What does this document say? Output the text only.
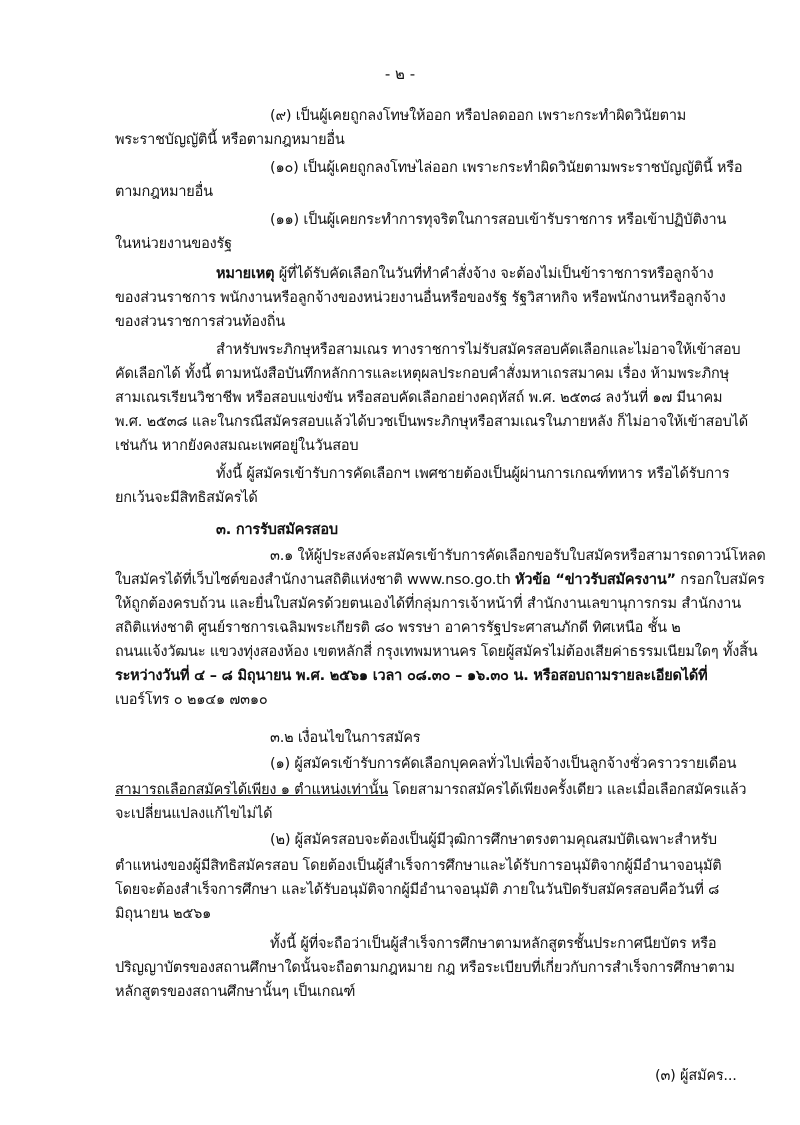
- ๒ -
(๙) เป็นผู้เคยถูกลงโทษให้ออก หรือปลดออก เพราะกระทำผิดวินัยตาม
พระราชบัญญัตินี้ หรือตามกฎหมายอื่น
(๑๐) เป็นผู้เคยถูกลงโทษไล่ออก เพราะกระทำผิดวินัยตามพระราชบัญญัตินี้ หรือ
ตามกฎหมายอื่น
(๑๑) เป็นผู้เคยกระทำการทุจริตในการสอบเข้ารับราชการ หรือเข้าปฏิบัติงาน
ในหน่วยงานของรัฐ
หมายเหตุ ผู้ที่ได้รับคัดเลือกในวันที่ทำคำสั่งจ้าง จะต้องไม่เป็นข้าราชการหรือลูกจ้าง
ของส่วนราชการ พนักงานหรือลูกจ้างของหน่วยงานอื่นหรือของรัฐ รัฐวิสาหกิจ หรือพนักงานหรือลูกจ้าง
ของส่วนราชการส่วนท้องถิ่น
สำหรับพระภิกษุหรือสามเณร ทางราชการไม่รับสมัครสอบคัดเลือกและไม่อาจให้เข้าสอบ
คัดเลือกได้ ทั้งนี้ ตามหนังสือบันทึกหลักการและเหตุผลประกอบคำสั่งมหาเถรสมาคม เรื่อง ห้ามพระภิกษุ
สามเณรเรียนวิชาชีพ หรือสอบแข่งขัน หรือสอบคัดเลือกอย่างคฤหัสถ์ พ.ศ. ๒๕๓๘ ลงวันที่ ๑๗ มีนาคม
พ.ศ. ๒๕๓๘ และในกรณีสมัครสอบแล้วได้บวชเป็นพระภิกษุหรือสามเณรในภายหลัง ก็ไม่อาจให้เข้าสอบได้
เช่นกัน หากยังคงสมณะเพศอยู่ในวันสอบ
ทั้งนี้ ผู้สมัครเข้ารับการคัดเลือกฯ เพศชายต้องเป็นผู้ผ่านการเกณฑ์ทหาร หรือได้รับการ
ยกเว้นจะมีสิทธิสมัครได้
๓. การรับสมัครสอบ
๓.๑ ให้ผู้ประสงค์จะสมัครเข้ารับการคัดเลือกขอรับใบสมัครหรือสามารถดาวน์โหลด
ใบสมัครได้ที่เว็บไซต์ของสำนักงานสถิติแห่งชาติ www.nso.go.th หัวข้อ “ข่าวรับสมัครงาน” กรอกใบสมัคร
ให้ถูกต้องครบถ้วน และยื่นใบสมัครด้วยตนเองได้ที่กลุ่มการเจ้าหน้าที่ สำนักงานเลขานุการกรม สำนักงาน
สถิติแห่งชาติ ศูนย์ราชการเฉลิมพระเกียรติ ๘๐ พรรษา อาคารรัฐประศาสนภักดี ทิศเหนือ ชั้น ๒
ถนนแจ้งวัฒนะ แขวงทุ่งสองห้อง เขตหลักสี่ กรุงเทพมหานคร โดยผู้สมัครไม่ต้องเสียค่าธรรมเนียมใดๆ ทั้งสิ้น
ระหว่างวันที่ ๔ – ๘ มิถุนายน พ.ศ. ๒๕๖๑ เวลา ๐๘.๓๐ – ๑๖.๓๐ น. หรือสอบถามรายละเอียดได้ที่
เบอร์โทร ๐ ๒๑๔๑ ๗๓๑๐
๓.๒ เงื่อนไขในการสมัคร
(๑) ผู้สมัครเข้ารับการคัดเลือกบุคคลทั่วไปเพื่อจ้างเป็นลูกจ้างชั่วคราวรายเดือน
สามารถเลือกสมัครได้เพียง ๑ ตำแหน่งเท่านั้น โดยสามารถสมัครได้เพียงครั้งเดียว และเมื่อเลือกสมัครแล้ว
จะเปลี่ยนแปลงแก้ไขไม่ได้
(๒) ผู้สมัครสอบจะต้องเป็นผู้มีวุฒิการศึกษาตรงตามคุณสมบัติเฉพาะสำหรับ
ตำแหน่งของผู้มีสิทธิสมัครสอบ โดยต้องเป็นผู้สำเร็จการศึกษาและได้รับการอนุมัติจากผู้มีอำนาจอนุมัติ
โดยจะต้องสำเร็จการศึกษา และได้รับอนุมัติจากผู้มีอำนาจอนุมัติ ภายในวันปิดรับสมัครสอบคือวันที่ ๘
มิถุนายน ๒๕๖๑
ทั้งนี้ ผู้ที่จะถือว่าเป็นผู้สำเร็จการศึกษาตามหลักสูตรชั้นประกาศนียบัตร หรือ
ปริญญาบัตรของสถานศึกษาใดนั้นจะถือตามกฎหมาย กฎ หรือระเบียบที่เกี่ยวกับการสำเร็จการศึกษาตาม
หลักสูตรของสถานศึกษานั้นๆ เป็นเกณฑ์
(๓) ผู้สมัคร...
